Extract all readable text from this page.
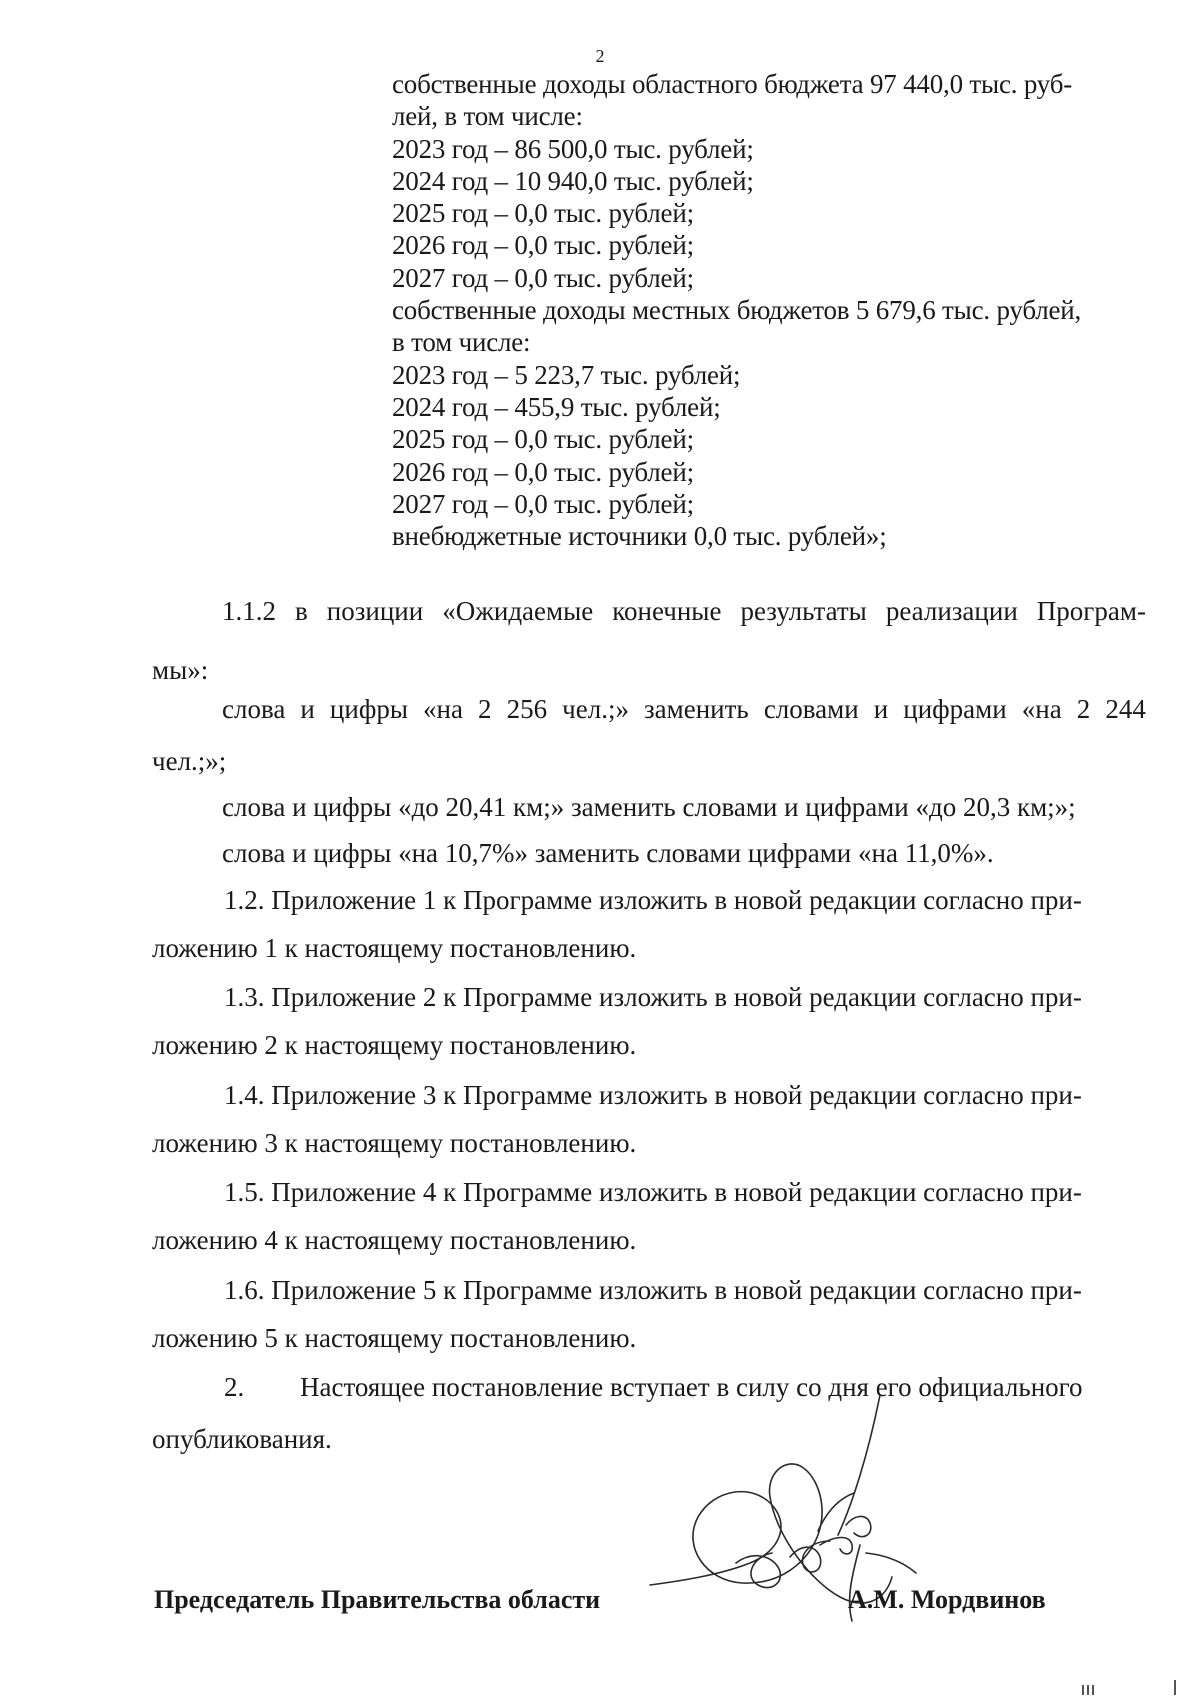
2
собственные доходы областного бюджета 97 440,0 тыс. руб-
лей, в том числе:
2023 год – 86 500,0 тыс. рублей;
2024 год – 10 940,0 тыс. рублей;
2025 год – 0,0 тыс. рублей;
2026 год – 0,0 тыс. рублей;
2027 год – 0,0 тыс. рублей;
собственные доходы местных бюджетов 5 679,6 тыс. рублей,
в том числе:
2023 год – 5 223,7 тыс. рублей;
2024 год – 455,9 тыс. рублей;
2025 год – 0,0 тыс. рублей;
2026 год – 0,0 тыс. рублей;
2027 год – 0,0 тыс. рублей;
внебюджетные источники 0,0 тыс. рублей»;
1.1.2 в позиции «Ожидаемые конечные результаты реализации Програм-
мы»:
слова и цифры «на 2 256 чел.;» заменить словами и цифрами «на 2 244
чел.;»;
слова и цифры «до 20,41 км;» заменить словами и цифрами «до 20,3 км;»;
слова и цифры «на 10,7%» заменить словами цифрами «на 11,0%».
1.2. Приложение 1 к Программе изложить в новой редакции согласно при-
ложению 1 к настоящему постановлению.
1.3. Приложение 2 к Программе изложить в новой редакции согласно при-
ложению 2 к настоящему постановлению.
1.4. Приложение 3 к Программе изложить в новой редакции согласно при-
ложению 3 к настоящему постановлению.
1.5. Приложение 4 к Программе изложить в новой редакции согласно при-
ложению 4 к настоящему постановлению.
1.6. Приложение 5 к Программе изложить в новой редакции согласно при-
ложению 5 к настоящему постановлению.
2. Настоящее постановление вступает в силу со дня его официального
опубликования.
Председатель Правительства области	А.М. Мордвинов
